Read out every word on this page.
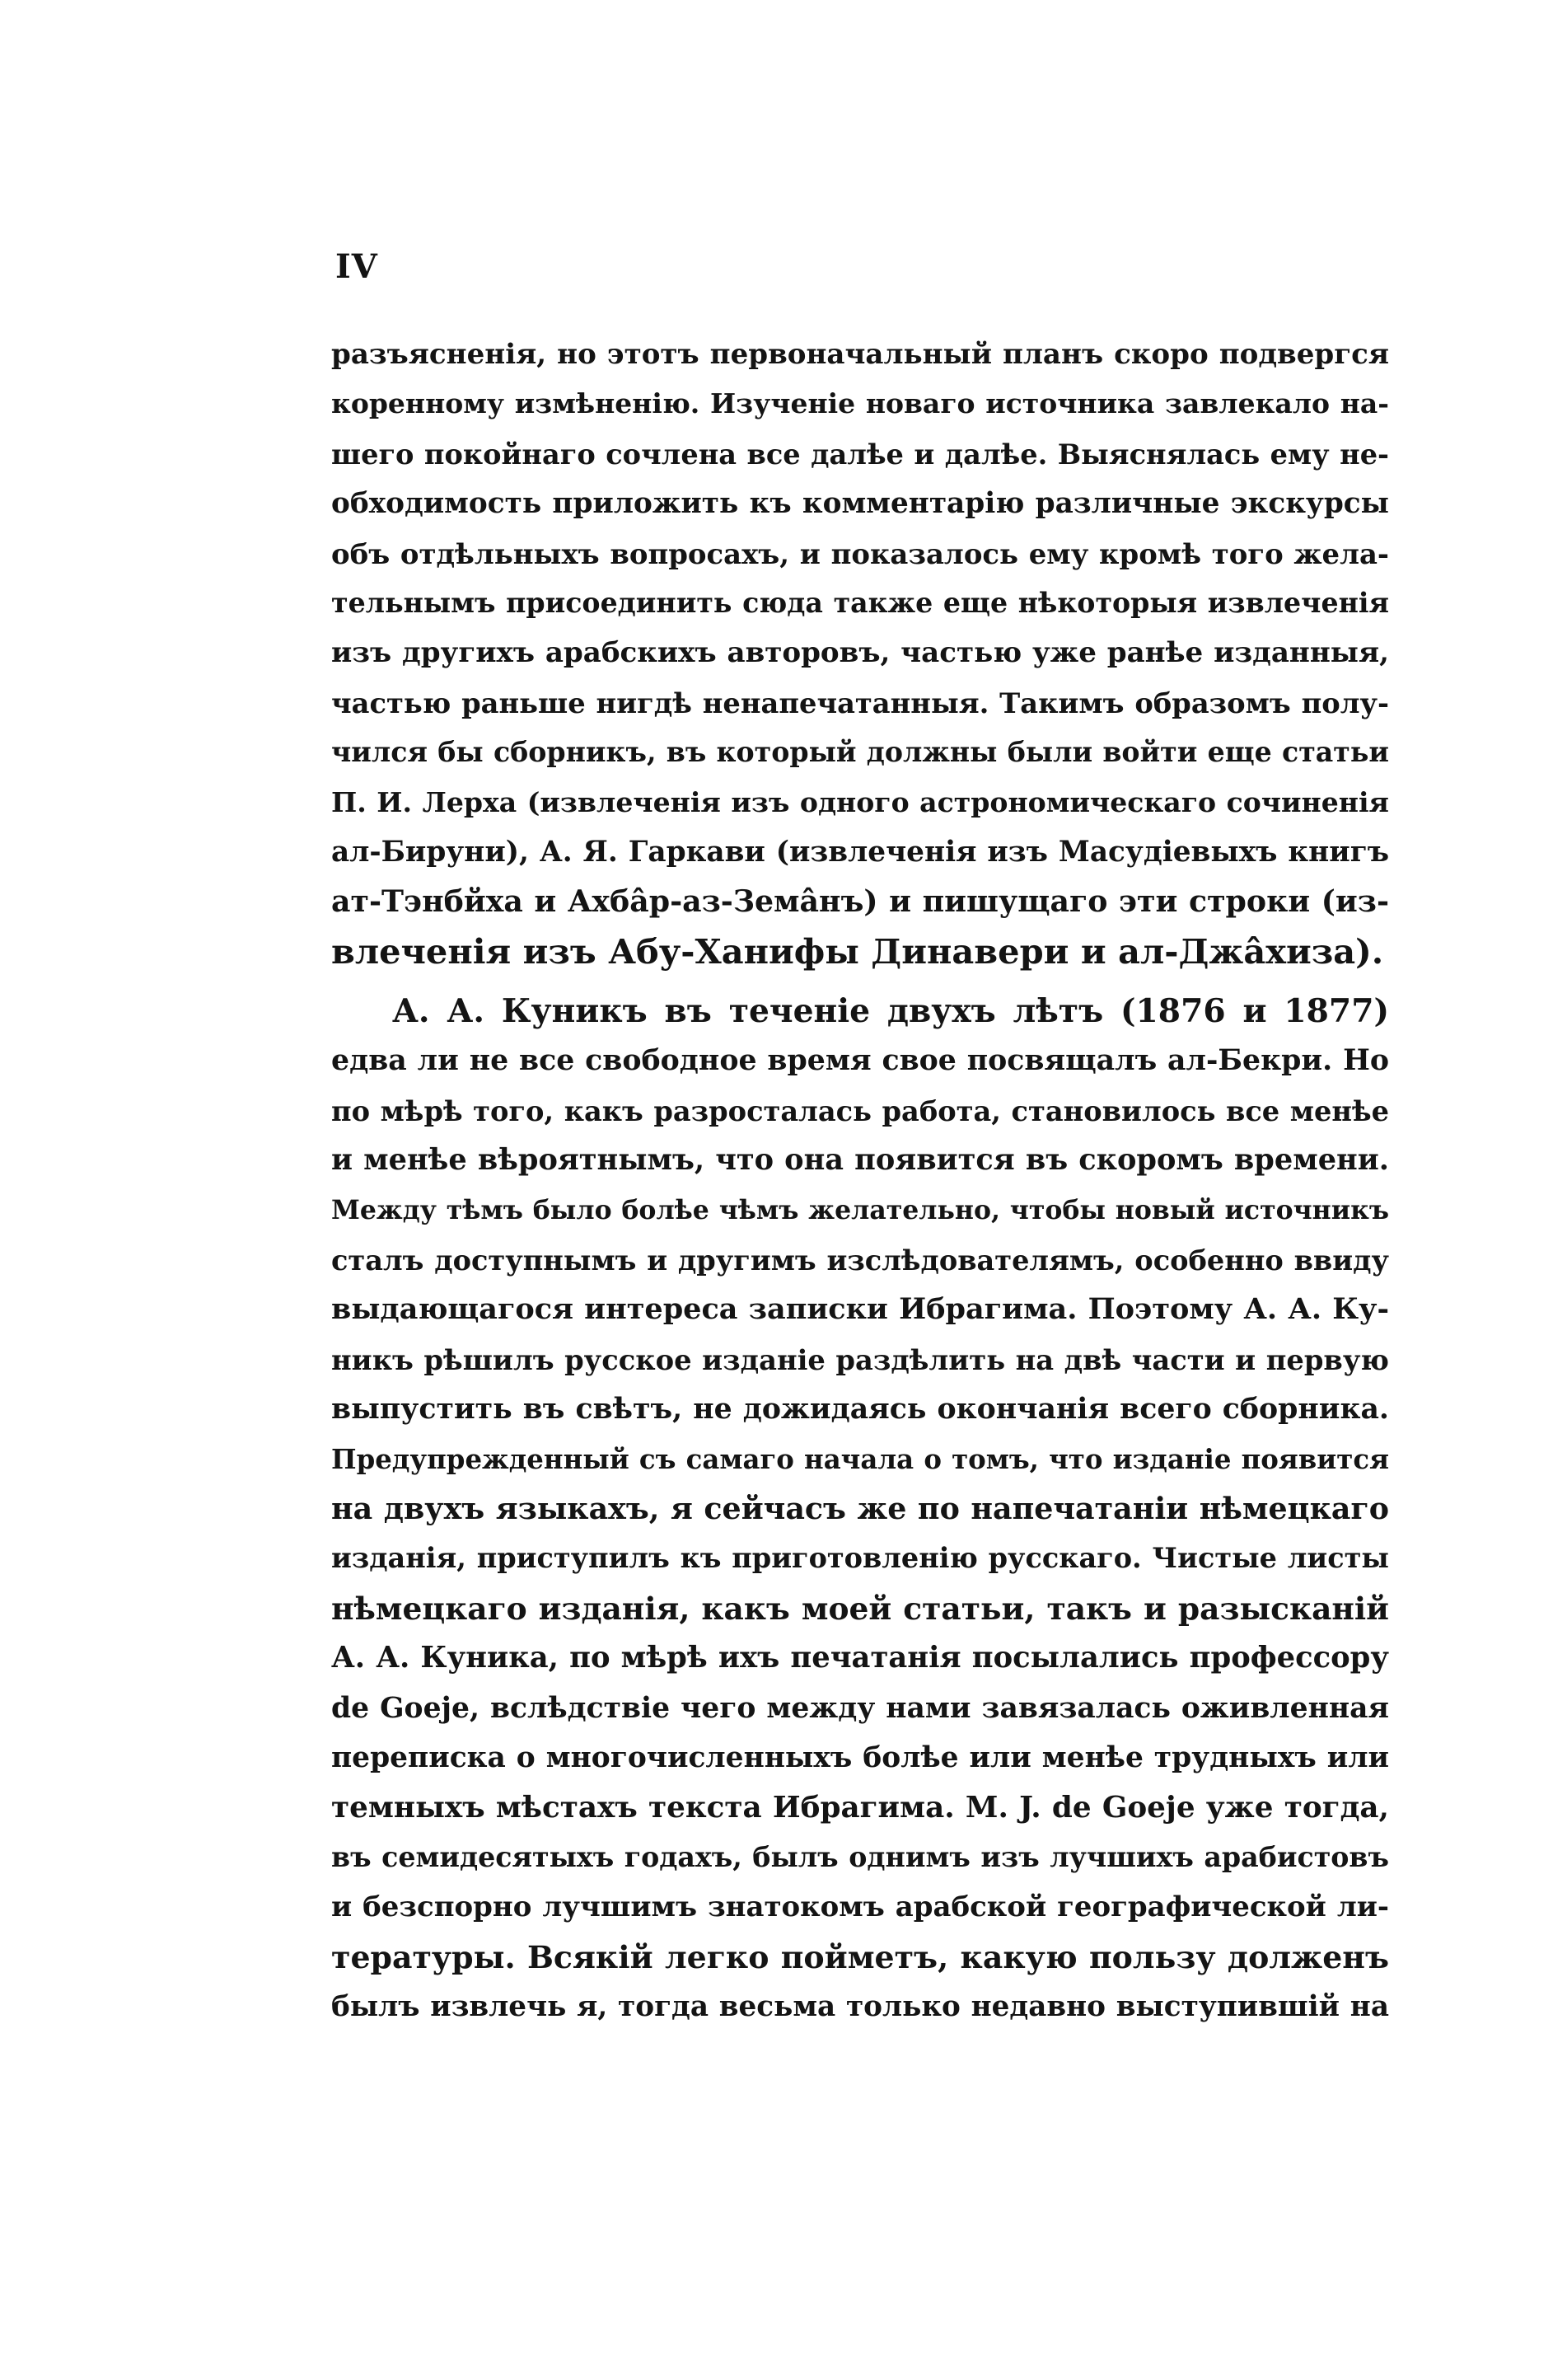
IV

разъясненія, но этотъ первоначальный планъ скоро подвергся
коренному измѣненію. Изученіе новаго источника завлекало на-
шего покойнаго сочлена все далѣе и далѣе. Выяснялась ему не-
обходимость приложить къ комментарію различные экскурсы
объ отдѣльныхъ вопросахъ, и показалось ему кромѣ того жела-
тельнымъ присоединить сюда также еще нѣкоторыя извлеченія
изъ другихъ арабскихъ авторовъ, частью уже ранѣе изданныя,
частью раньше нигдѣ ненапечатанныя. Такимъ образомъ полу-
чился бы сборникъ, въ который должны были войти еще статьи
П. И. Лерха (извлеченія изъ одного астрономическаго сочиненія
ал-Бируни), А. Я. Гаркави (извлеченія изъ Масудіевыхъ книгъ
ат-Тэнбйха и Ахбâр-аз-Земâнъ) и пишущаго эти строки (из-
влеченія изъ Абу-Ханифы Динавери и ал-Джâхиза).

А. А. Куникъ въ теченіе двухъ лѣтъ (1876 и 1877)
едва ли не все свободное время свое посвящалъ ал-Бекри. Но
по мѣрѣ того, какъ разросталась работа, становилось все менѣе
и менѣе вѣроятнымъ, что она появится въ скоромъ времени.
Между тѣмъ было болѣе чѣмъ желательно, чтобы новый источникъ
сталъ доступнымъ и другимъ изслѣдователямъ, особенно ввиду
выдающагося интереса записки Ибрагима. Поэтому А. А. Ку-
никъ рѣшилъ русское изданіе раздѣлить на двѣ части и первую
выпустить въ свѣтъ, не дожидаясь окончанія всего сборника.
Предупрежденный съ самаго начала о томъ, что изданіе появится
на двухъ языкахъ, я сейчасъ же по напечатаніи нѣмецкаго
изданія, приступилъ къ приготовленію русскаго. Чистые листы
нѣмецкаго изданія, какъ моей статьи, такъ и разысканій
А. А. Куника, по мѣрѣ ихъ печатанія посылались профессору
de Goeje, вслѣдствіе чего между нами завязалась оживленная
переписка о многочисленныхъ болѣе или менѣе трудныхъ или
темныхъ мѣстахъ текста Ибрагима. M. J. de Goeje уже тогда,
въ семидесятыхъ годахъ, былъ однимъ изъ лучшихъ арабистовъ
и безспорно лучшимъ знатокомъ арабской географической ли-
тературы. Всякій легко пойметъ, какую пользу долженъ
былъ извлечь я, тогда весьма только недавно выступившій на
